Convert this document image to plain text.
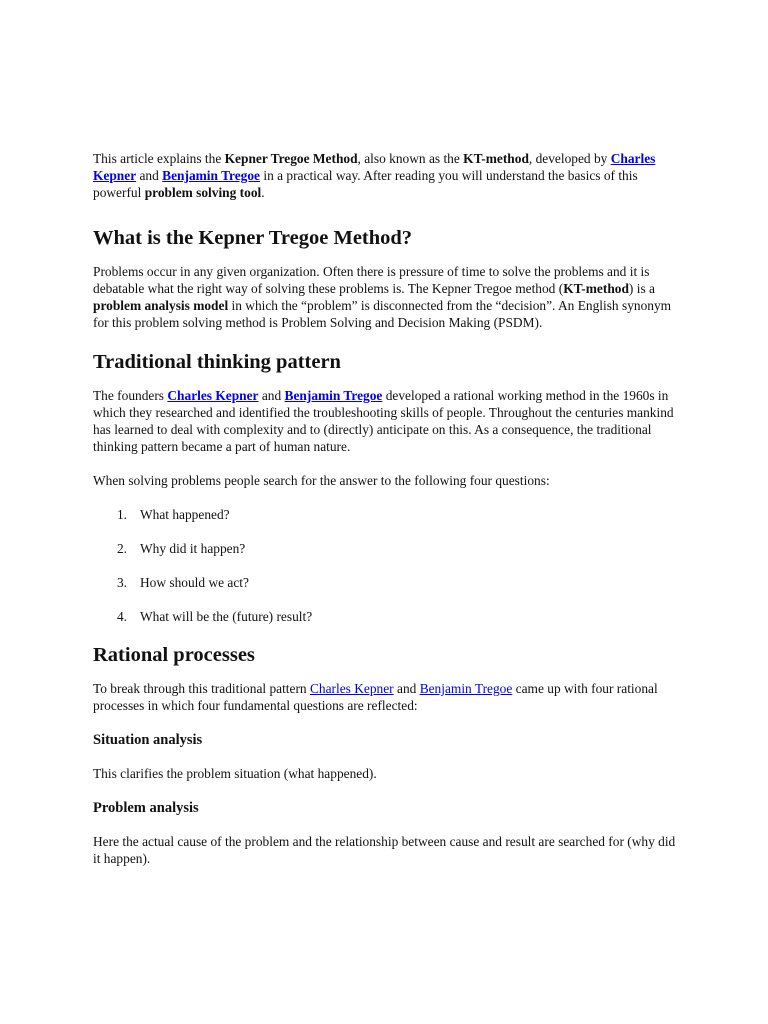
This article explains the Kepner Tregoe Method, also known as the KT-method, developed by Charles Kepner and Benjamin Tregoe in a practical way. After reading you will understand the basics of this powerful problem solving tool.

What is the Kepner Tregoe Method?

Problems occur in any given organization. Often there is pressure of time to solve the problems and it is debatable what the right way of solving these problems is. The Kepner Tregoe method (KT-method) is a problem analysis model in which the “problem” is disconnected from the “decision”. An English synonym for this problem solving method is Problem Solving and Decision Making (PSDM).

Traditional thinking pattern

The founders Charles Kepner and Benjamin Tregoe developed a rational working method in the 1960s in which they researched and identified the troubleshooting skills of people. Throughout the centuries mankind has learned to deal with complexity and to (directly) anticipate on this. As a consequence, the traditional thinking pattern became a part of human nature.

When solving problems people search for the answer to the following four questions:

1. What happened?
2. Why did it happen?
3. How should we act?
4. What will be the (future) result?
Rational processes

To break through this traditional pattern Charles Kepner and Benjamin Tregoe came up with four rational processes in which four fundamental questions are reflected:

Situation analysis

This clarifies the problem situation (what happened).

Problem analysis

Here the actual cause of the problem and the relationship between cause and result are searched for (why did it happen).
